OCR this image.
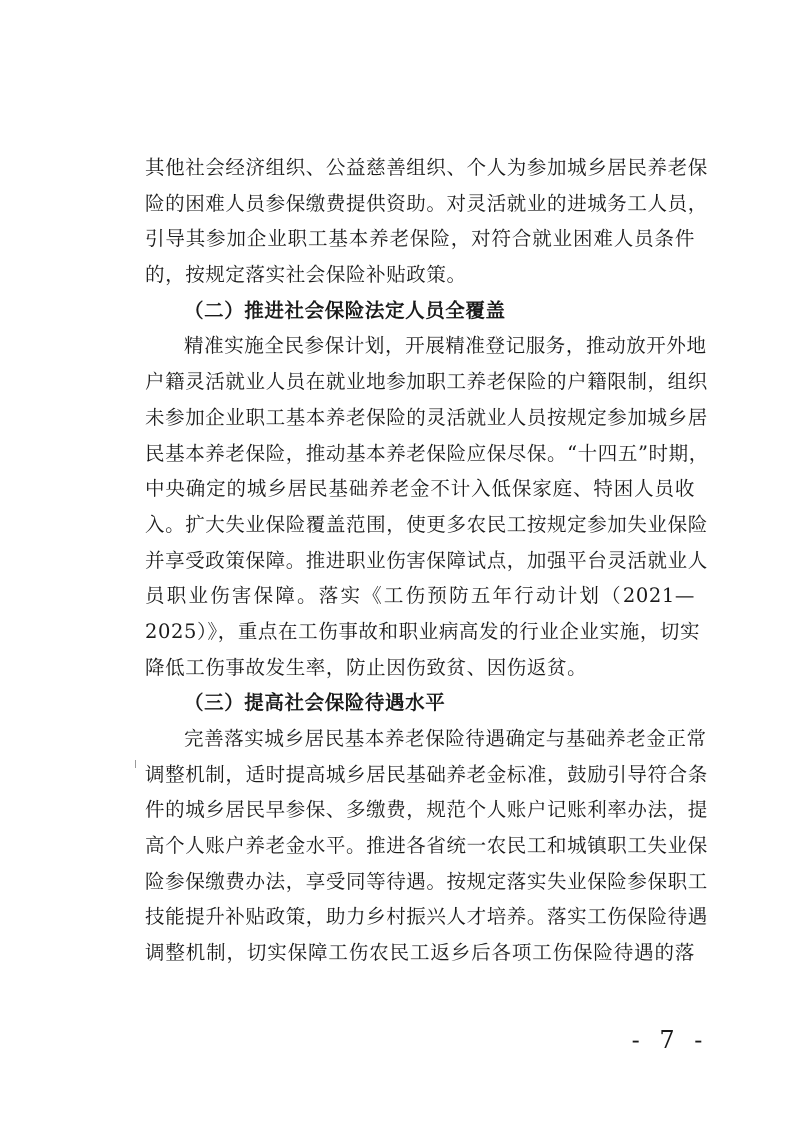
其他社会经济组织、公益慈善组织、个人为参加城乡居民养老保
险的困难人员参保缴费提供资助。对灵活就业的进城务工人员，
引导其参加企业职工基本养老保险，对符合就业困难人员条件
的，按规定落实社会保险补贴政策。
（二）推进社会保险法定人员全覆盖
精准实施全民参保计划，开展精准登记服务，推动放开外地
户籍灵活就业人员在就业地参加职工养老保险的户籍限制，组织
未参加企业职工基本养老保险的灵活就业人员按规定参加城乡居
民基本养老保险，推动基本养老保险应保尽保。“十四五”时期，
中央确定的城乡居民基础养老金不计入低保家庭、特困人员收
入。扩大失业保险覆盖范围，使更多农民工按规定参加失业保险
并享受政策保障。推进职业伤害保障试点，加强平台灵活就业人
员职业伤害保障。落实《工伤预防五年行动计划（2021—
2025）》，重点在工伤事故和职业病高发的行业企业实施，切实
降低工伤事故发生率，防止因伤致贫、因伤返贫。
（三）提高社会保险待遇水平
完善落实城乡居民基本养老保险待遇确定与基础养老金正常
调整机制，适时提高城乡居民基础养老金标准，鼓励引导符合条
件的城乡居民早参保、多缴费，规范个人账户记账利率办法，提
高个人账户养老金水平。推进各省统一农民工和城镇职工失业保
险参保缴费办法，享受同等待遇。按规定落实失业保险参保职工
技能提升补贴政策，助力乡村振兴人才培养。落实工伤保险待遇
调整机制，切实保障工伤农民工返乡后各项工伤保险待遇的落
- 7 -
